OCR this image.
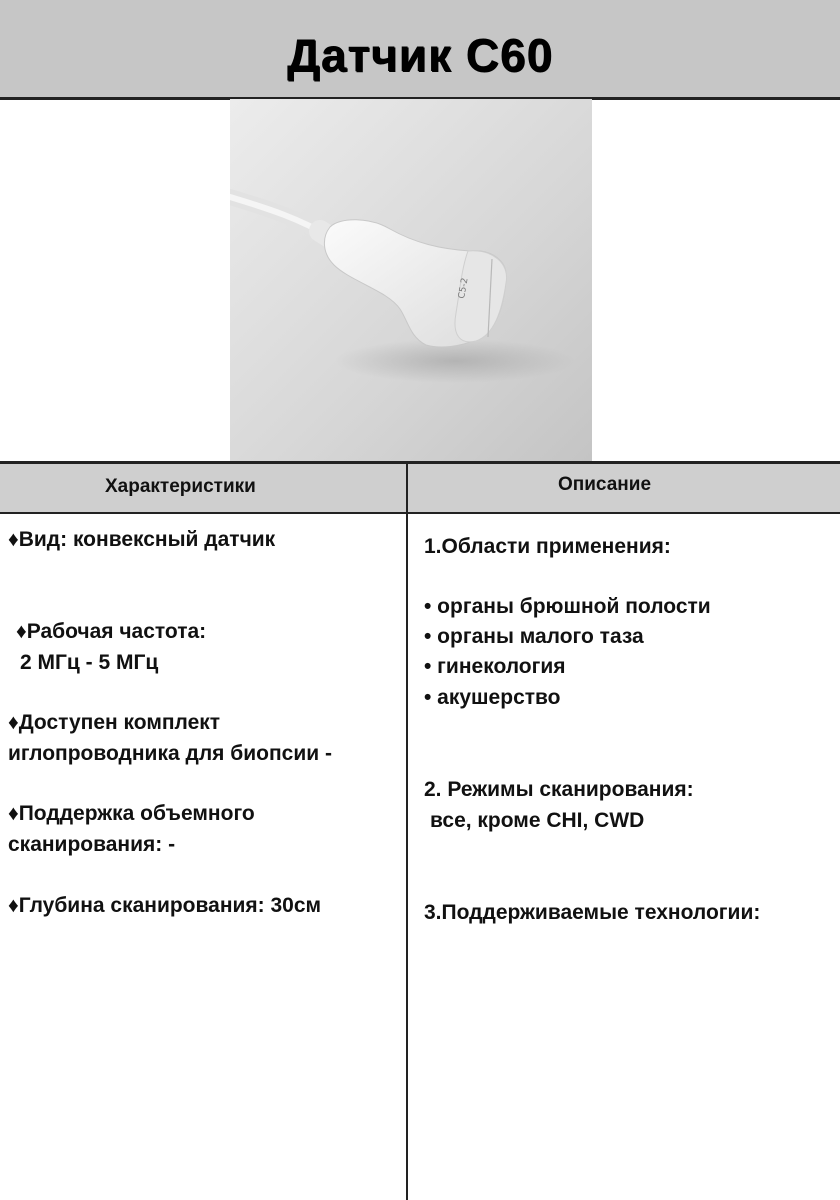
Датчик С60
C5-2
Характеристики	Описание
♦Вид: конвексный датчик
♦Рабочая частота:
2 МГц - 5 МГц
♦Доступен комплект
иглопроводника для биопсии -
♦Поддержка объемного
сканирования: -
♦Глубина сканирования: 30см
1.Области применения:
• органы брюшной полости
• органы малого таза
• гинекология
• акушерство
2. Режимы сканирования:
все, кроме CHI, CWD
3.Поддерживаемые технологии:
